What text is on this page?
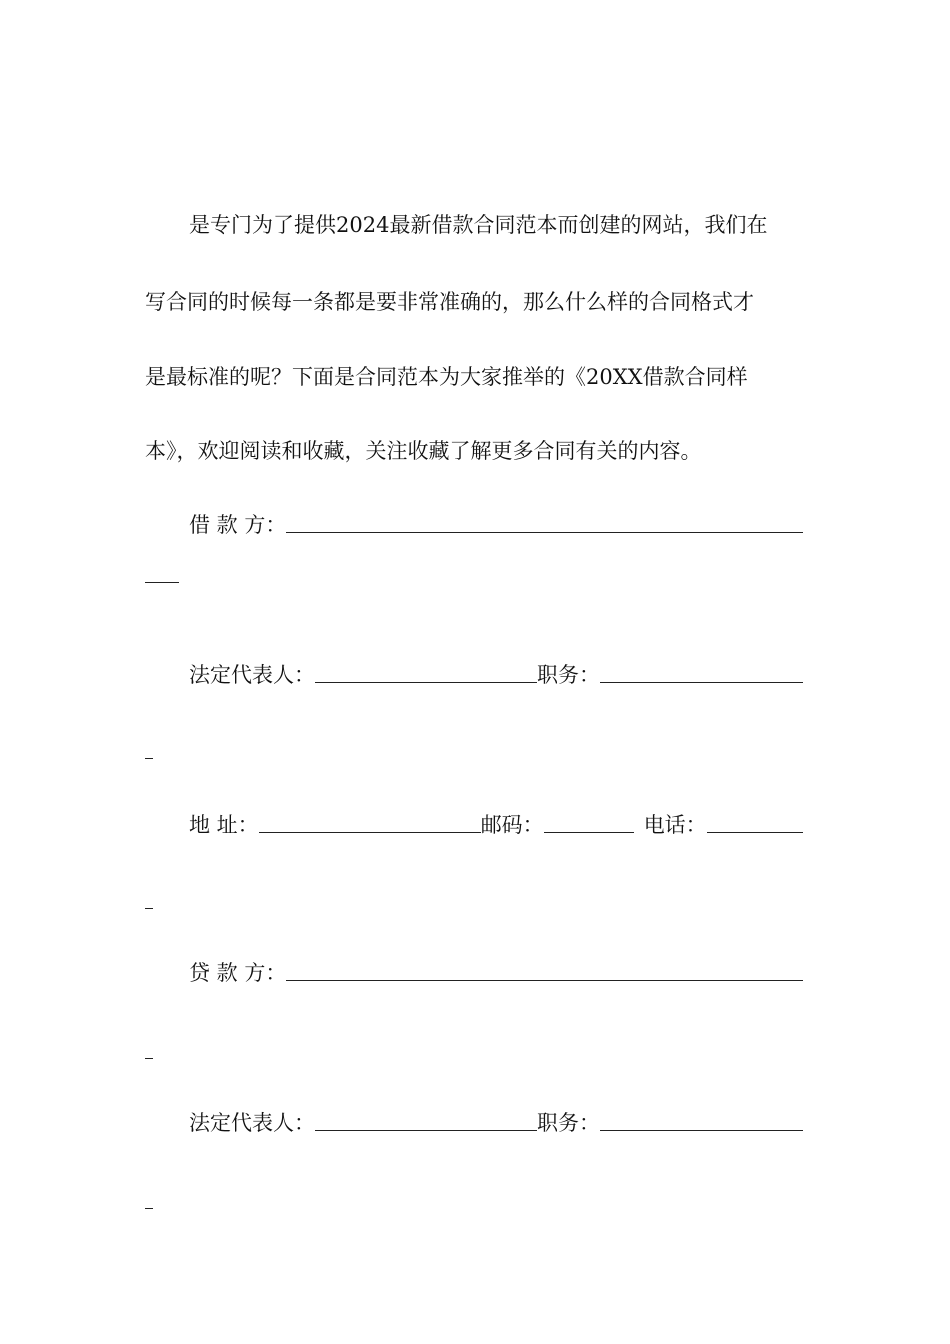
是专门为了提供2024最新借款合同范本而创建的网站，我们在
写合同的时候每一条都是要非常准确的，那么什么样的合同格式才
是最标准的呢？下面是合同范本为大家推举的《20XX借款合同样
本》，欢迎阅读和收藏，关注收藏了解更多合同有关的内容。
借 款 方：
法定代表人：	职务：
地 址：	邮码：	电话：
贷 款 方：
法定代表人：	职务：
